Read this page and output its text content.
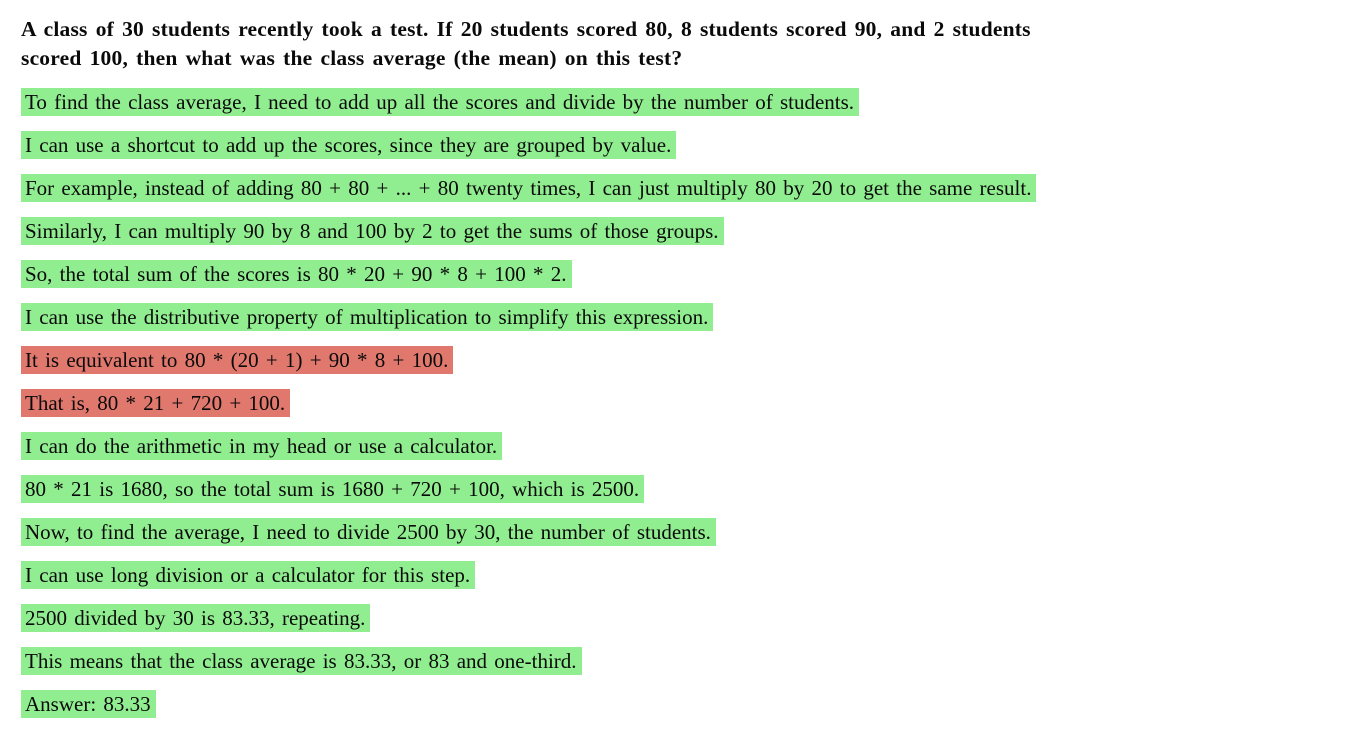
A class of 30 students recently took a test. If 20 students scored 80, 8 students scored 90, and 2 students
scored 100, then what was the class average (the mean) on this test?
To find the class average, I need to add up all the scores and divide by the number of students.
I can use a shortcut to add up the scores, since they are grouped by value.
For example, instead of adding 80 + 80 + ... + 80 twenty times, I can just multiply 80 by 20 to get the same result.
Similarly, I can multiply 90 by 8 and 100 by 2 to get the sums of those groups.
So, the total sum of the scores is 80 * 20 + 90 * 8 + 100 * 2.
I can use the distributive property of multiplication to simplify this expression.
It is equivalent to 80 * (20 + 1) + 90 * 8 + 100.
That is, 80 * 21 + 720 + 100.
I can do the arithmetic in my head or use a calculator.
80 * 21 is 1680, so the total sum is 1680 + 720 + 100, which is 2500.
Now, to find the average, I need to divide 2500 by 30, the number of students.
I can use long division or a calculator for this step.
2500 divided by 30 is 83.33, repeating.
This means that the class average is 83.33, or 83 and one-third.
Answer: 83.33
